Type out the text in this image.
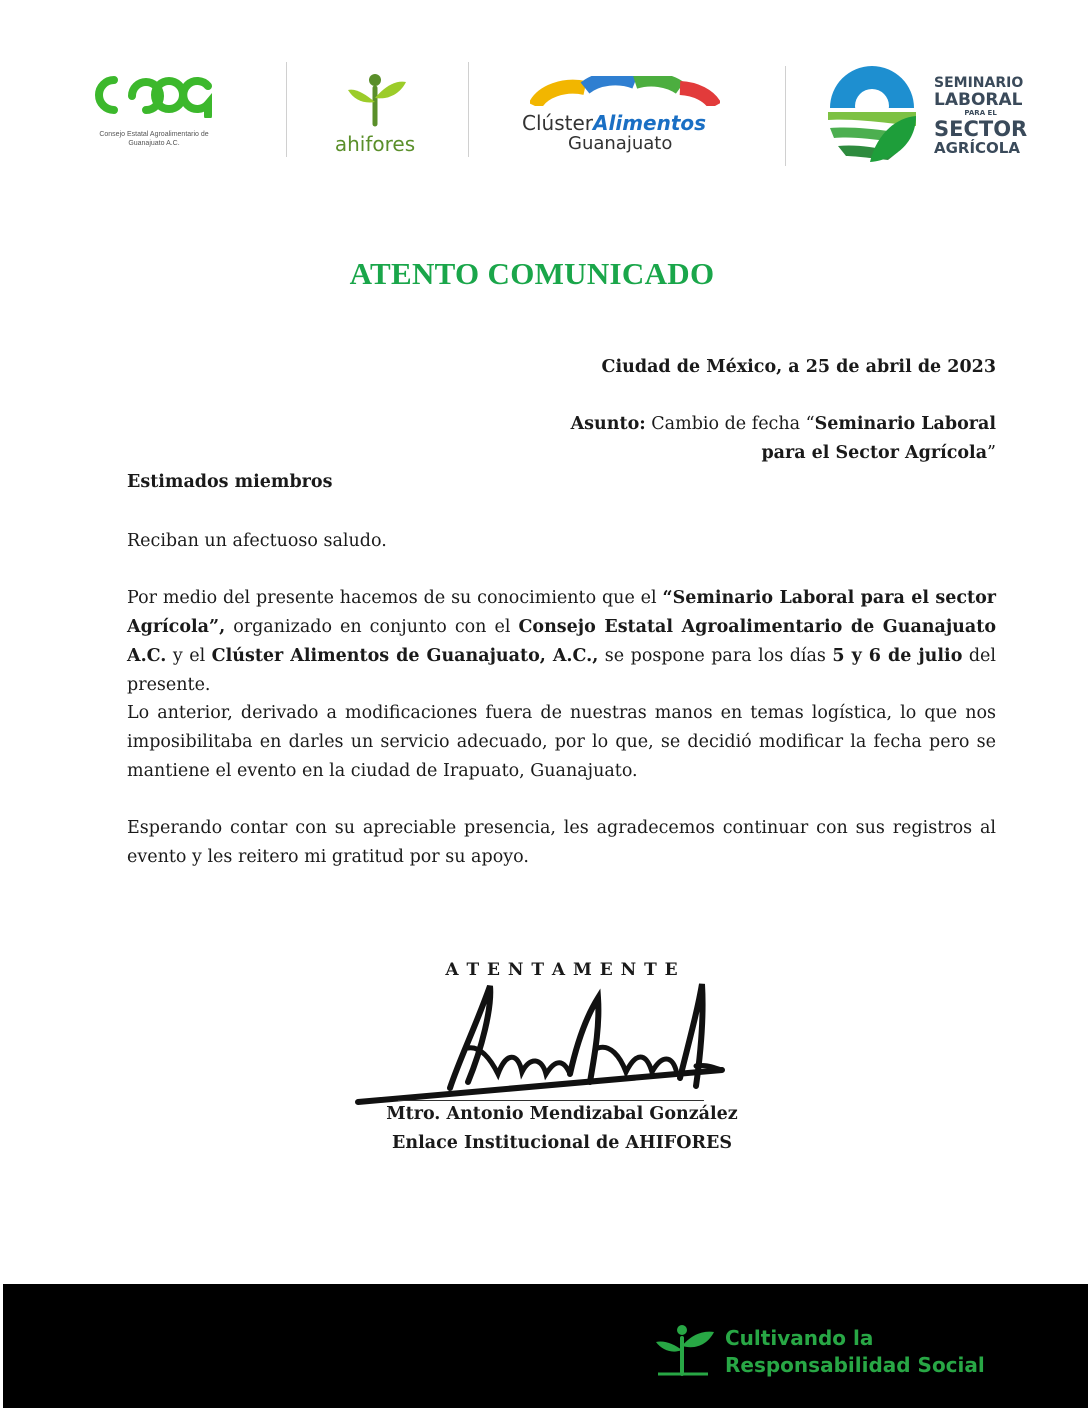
Consejo Estatal Agroalimentario de Guanajuato A.C.	ahifores
ClústerAlimentos
Guanajuato
SEMINARIO
LABORAL
PARA EL
SECTOR
AGRÍCOLA
ATENTO COMUNICADO
Ciudad de México, a 25 de abril de 2023
Asunto: Cambio de fecha “Seminario Laboral
para el Sector Agrícola”
Estimados miembros
Reciban un afectuoso saludo.
Por medio del presente hacemos de su conocimiento que el “Seminario Laboral para el sector Agrícola”, organizado en conjunto con el Consejo Estatal Agroalimentario de Guanajuato A.C. y el Clúster Alimentos de Guanajuato, A.C., se pospone para los días 5 y 6 de julio del presente.
Lo anterior, derivado a modificaciones fuera de nuestras manos en temas logística, lo que nos imposibilitaba en darles un servicio adecuado, por lo que, se decidió modificar la fecha pero se mantiene el evento en la ciudad de Irapuato, Guanajuato.
Esperando contar con su apreciable presencia, les agradecemos continuar con sus registros al evento y les reitero mi gratitud por su apoyo.
A T E N T A M E N T E
Mtro. Antonio Mendizabal González
Enlace Institucional de AHIFORES
Cultivando la
Responsabilidad Social
